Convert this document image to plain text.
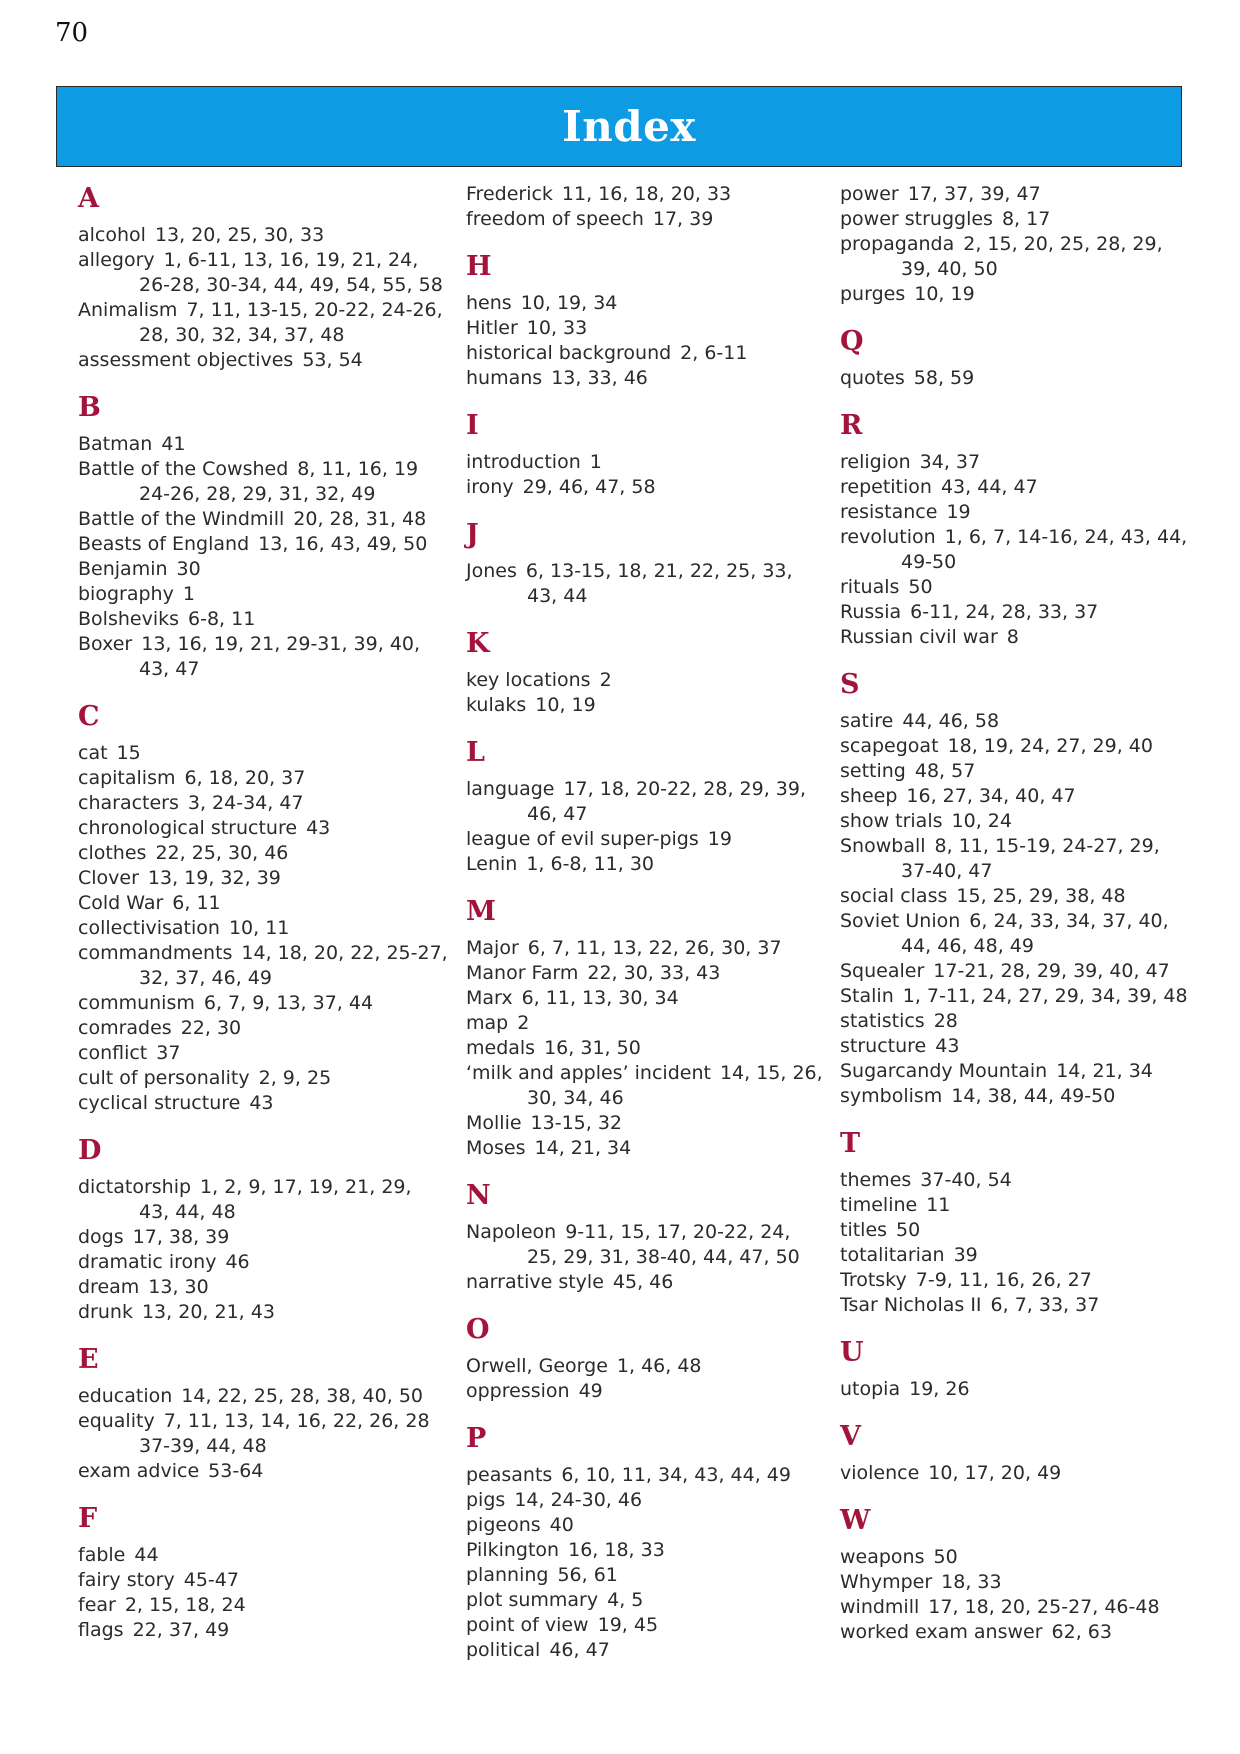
70
Index
A
alcohol 13, 20, 25, 30, 33
allegory 1, 6-11, 13, 16, 19, 21, 24,
26-28, 30-34, 44, 49, 54, 55, 58
Animalism 7, 11, 13-15, 20-22, 24-26,
28, 30, 32, 34, 37, 48
assessment objectives 53, 54
B
Batman 41
Battle of the Cowshed 8, 11, 16, 19
24-26, 28, 29, 31, 32, 49
Battle of the Windmill 20, 28, 31, 48
Beasts of England 13, 16, 43, 49, 50
Benjamin 30
biography 1
Bolsheviks 6-8, 11
Boxer 13, 16, 19, 21, 29-31, 39, 40,
43, 47
C
cat 15
capitalism 6, 18, 20, 37
characters 3, 24-34, 47
chronological structure 43
clothes 22, 25, 30, 46
Clover 13, 19, 32, 39
Cold War 6, 11
collectivisation 10, 11
commandments 14, 18, 20, 22, 25-27,
32, 37, 46, 49
communism 6, 7, 9, 13, 37, 44
comrades 22, 30
conflict 37
cult of personality 2, 9, 25
cyclical structure 43
D
dictatorship 1, 2, 9, 17, 19, 21, 29,
43, 44, 48
dogs 17, 38, 39
dramatic irony 46
dream 13, 30
drunk 13, 20, 21, 43
E
education 14, 22, 25, 28, 38, 40, 50
equality 7, 11, 13, 14, 16, 22, 26, 28
37-39, 44, 48
exam advice 53-64
F
fable 44
fairy story 45-47
fear 2, 15, 18, 24
flags 22, 37, 49
Frederick 11, 16, 18, 20, 33
freedom of speech 17, 39
H
hens 10, 19, 34
Hitler 10, 33
historical background 2, 6-11
humans 13, 33, 46
I
introduction 1
irony 29, 46, 47, 58
J
Jones 6, 13-15, 18, 21, 22, 25, 33,
43, 44
K
key locations 2
kulaks 10, 19
L
language 17, 18, 20-22, 28, 29, 39,
46, 47
league of evil super-pigs 19
Lenin 1, 6-8, 11, 30
M
Major 6, 7, 11, 13, 22, 26, 30, 37
Manor Farm 22, 30, 33, 43
Marx 6, 11, 13, 30, 34
map 2
medals 16, 31, 50
‘milk and apples’ incident 14, 15, 26,
30, 34, 46
Mollie 13-15, 32
Moses 14, 21, 34
N
Napoleon 9-11, 15, 17, 20-22, 24,
25, 29, 31, 38-40, 44, 47, 50
narrative style 45, 46
O
Orwell, George 1, 46, 48
oppression 49
P
peasants 6, 10, 11, 34, 43, 44, 49
pigs 14, 24-30, 46
pigeons 40
Pilkington 16, 18, 33
planning 56, 61
plot summary 4, 5
point of view 19, 45
political 46, 47
power 17, 37, 39, 47
power struggles 8, 17
propaganda 2, 15, 20, 25, 28, 29,
39, 40, 50
purges 10, 19
Q
quotes 58, 59
R
religion 34, 37
repetition 43, 44, 47
resistance 19
revolution 1, 6, 7, 14-16, 24, 43, 44,
49-50
rituals 50
Russia 6-11, 24, 28, 33, 37
Russian civil war 8
S
satire 44, 46, 58
scapegoat 18, 19, 24, 27, 29, 40
setting 48, 57
sheep 16, 27, 34, 40, 47
show trials 10, 24
Snowball 8, 11, 15-19, 24-27, 29,
37-40, 47
social class 15, 25, 29, 38, 48
Soviet Union 6, 24, 33, 34, 37, 40,
44, 46, 48, 49
Squealer 17-21, 28, 29, 39, 40, 47
Stalin 1, 7-11, 24, 27, 29, 34, 39, 48
statistics 28
structure 43
Sugarcandy Mountain 14, 21, 34
symbolism 14, 38, 44, 49-50
T
themes 37-40, 54
timeline 11
titles 50
totalitarian 39
Trotsky 7-9, 11, 16, 26, 27
Tsar Nicholas II 6, 7, 33, 37
U
utopia 19, 26
V
violence 10, 17, 20, 49
W
weapons 50
Whymper 18, 33
windmill 17, 18, 20, 25-27, 46-48
worked exam answer 62, 63
